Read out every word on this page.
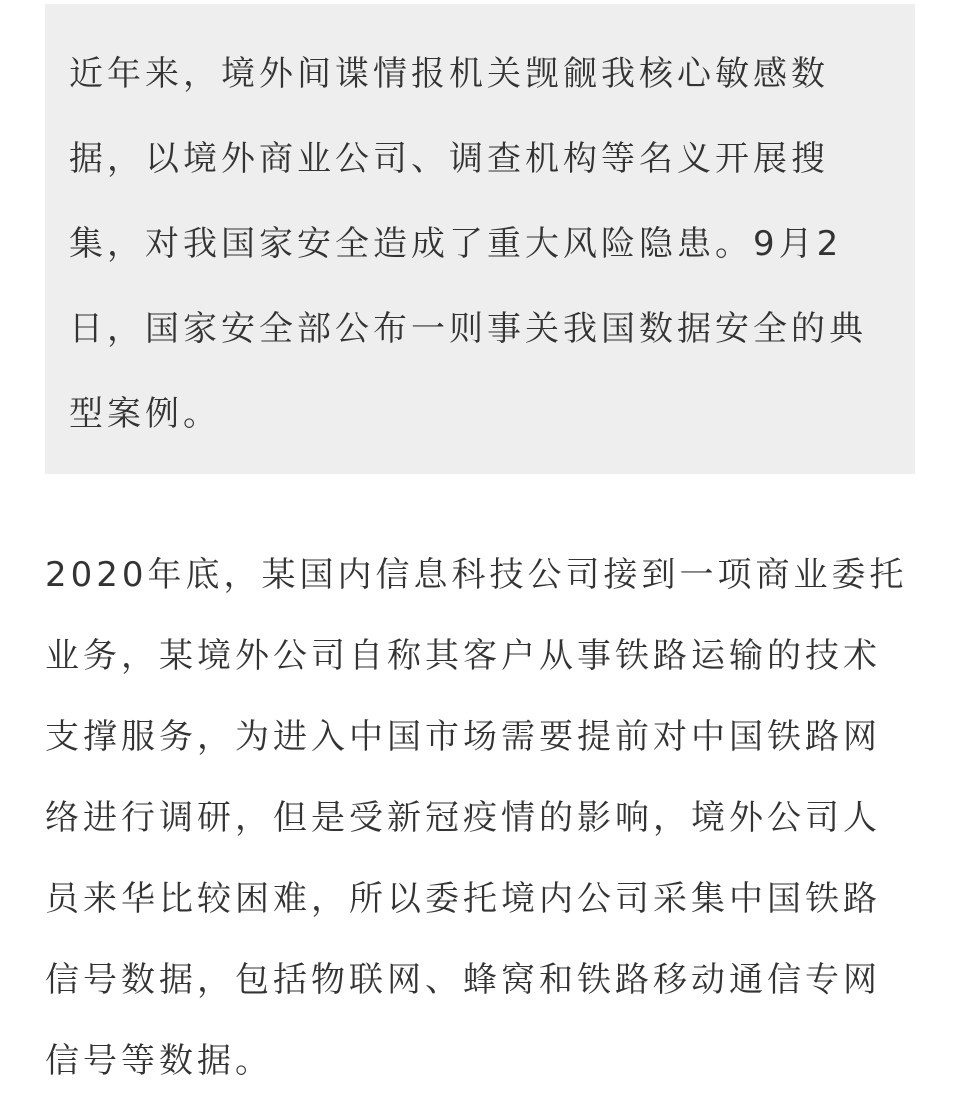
近年来，境外间谍情报机关觊觎我核心敏感数据，以境外商业公司、调查机构等名义开展搜集，对我国家安全造成了重大风险隐患。9月2日，国家安全部公布一则事关我国数据安全的典型案例。

2020年底，某国内信息科技公司接到一项商业委托业务，某境外公司自称其客户从事铁路运输的技术支撑服务，为进入中国市场需要提前对中国铁路网络进行调研，但是受新冠疫情的影响，境外公司人员来华比较困难，所以委托境内公司采集中国铁路信号数据，包括物联网、蜂窝和铁路移动通信专网信号等数据。
